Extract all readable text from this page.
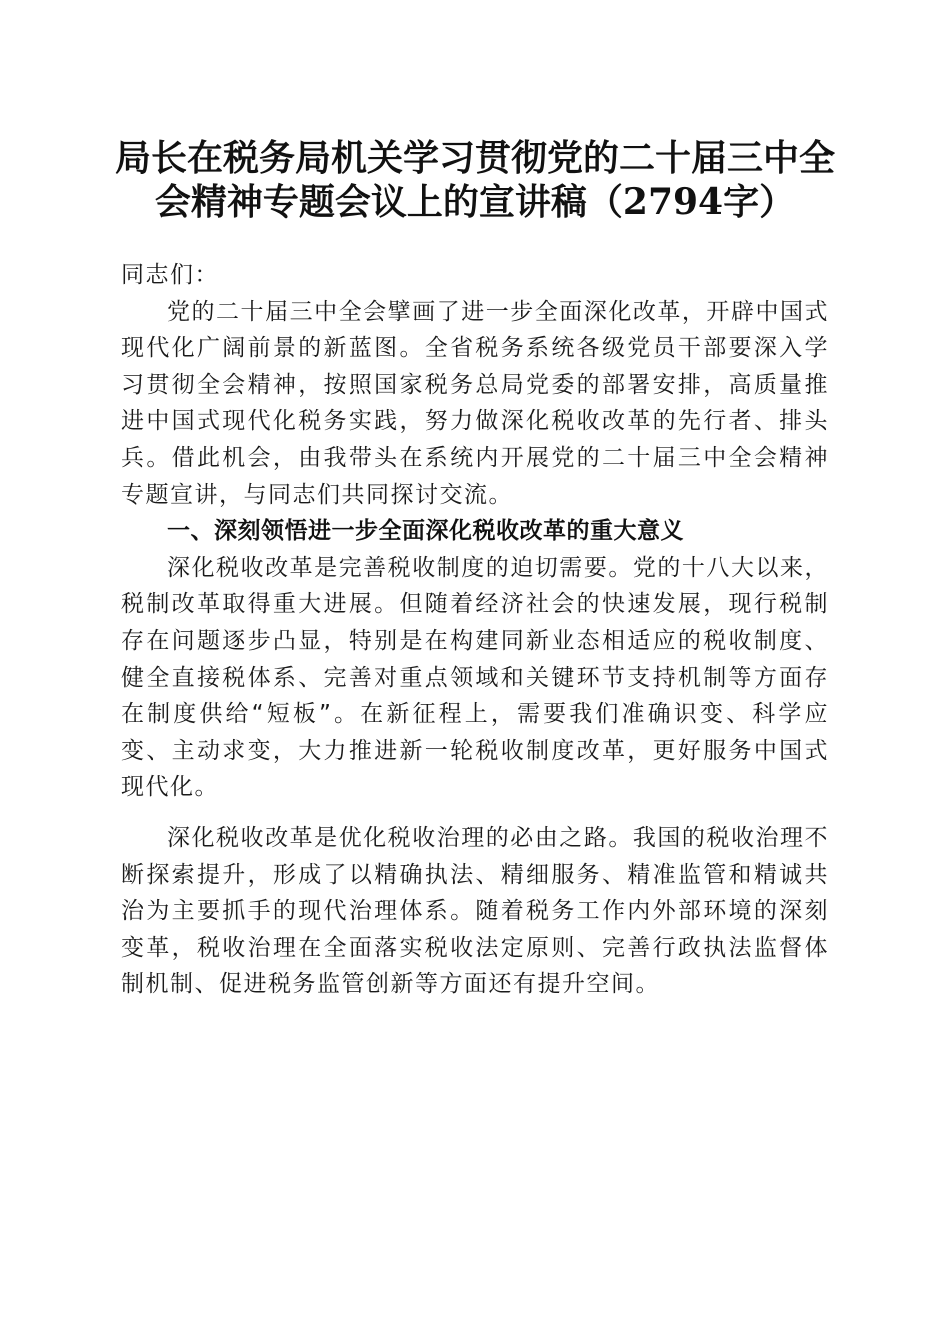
局长在税务局机关学习贯彻党的二十届三中全
会精神专题会议上的宣讲稿（2794字）

同志们：

党的二十届三中全会擘画了进一步全面深化改革，开辟中国式现代化广阔前景的新蓝图。全省税务系统各级党员干部要深入学习贯彻全会精神，按照国家税务总局党委的部署安排，高质量推进中国式现代化税务实践，努力做深化税收改革的先行者、排头兵。借此机会，由我带头在系统内开展党的二十届三中全会精神专题宣讲，与同志们共同探讨交流。

一、深刻领悟进一步全面深化税收改革的重大意义

深化税收改革是完善税收制度的迫切需要。党的十八大以来，税制改革取得重大进展。但随着经济社会的快速发展，现行税制存在问题逐步凸显，特别是在构建同新业态相适应的税收制度、健全直接税体系、完善对重点领域和关键环节支持机制等方面存在制度供给“短板”。在新征程上，需要我们准确识变、科学应变、主动求变，大力推进新一轮税收制度改革，更好服务中国式现代化。

深化税收改革是优化税收治理的必由之路。我国的税收治理不断探索提升，形成了以精确执法、精细服务、精准监管和精诚共治为主要抓手的现代治理体系。随着税务工作内外部环境的深刻变革，税收治理在全面落实税收法定原则、完善行政执法监督体制机制、促进税务监管创新等方面还有提升空间。
